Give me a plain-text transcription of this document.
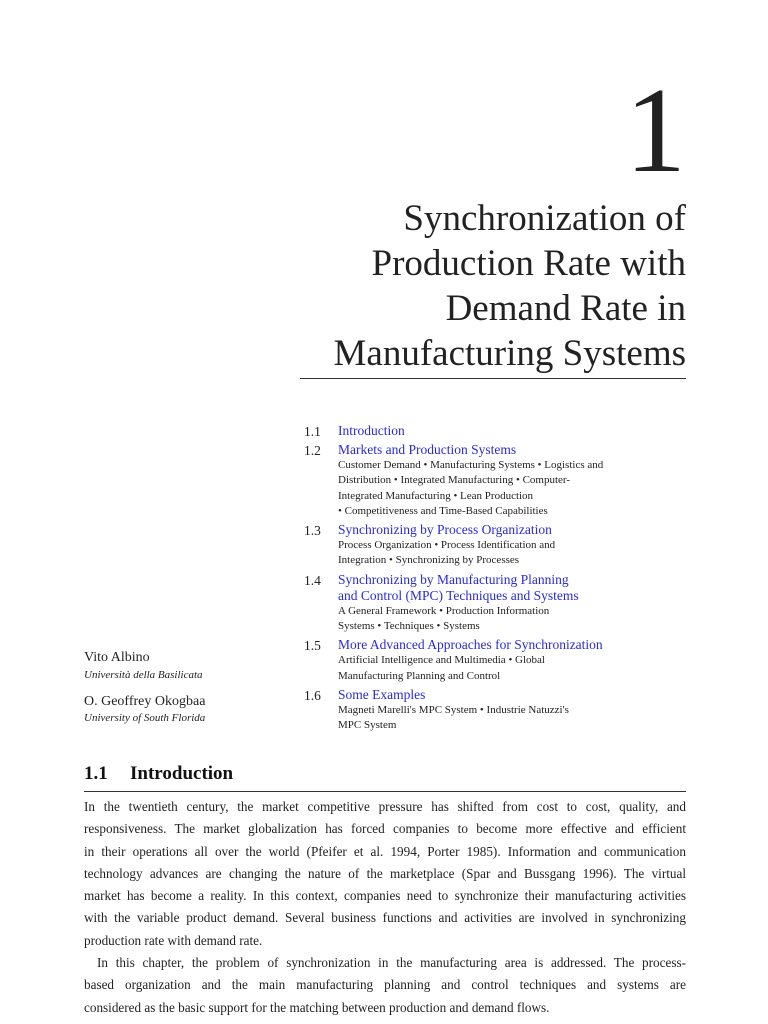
1
Synchronization of
Production Rate with
Demand Rate in
Manufacturing Systems
1.1 Introduction
1.2 Markets and Production Systems
Customer Demand • Manufacturing Systems • Logistics and
Distribution • Integrated Manufacturing • Computer-
Integrated Manufacturing • Lean Production
• Competitiveness and Time-Based Capabilities
1.3 Synchronizing by Process Organization
Process Organization • Process Identification and
Integration • Synchronizing by Processes
1.4 Synchronizing by Manufacturing Planning
and Control (MPC) Techniques and Systems
A General Framework • Production Information
Systems • Techniques • Systems
1.5 More Advanced Approaches for Synchronization
Artificial Intelligence and Multimedia • Global
Manufacturing Planning and Control
1.6 Some Examples
Magneti Marelli's MPC System • Industrie Natuzzi's
MPC System
Vito Albino
Università della Basilicata
O. Geoffrey Okogbaa
University of South Florida
1.1 Introduction
In the twentieth century, the market competitive pressure has shifted from cost to cost, quality, and
responsiveness. The market globalization has forced companies to become more effective and efficient
in their operations all over the world (Pfeifer et al. 1994, Porter 1985). Information and communication
technology advances are changing the nature of the marketplace (Spar and Bussgang 1996). The virtual
market has become a reality. In this context, companies need to synchronize their manufacturing activities
with the variable product demand. Several business functions and activities are involved in synchronizing
production rate with demand rate.
In this chapter, the problem of synchronization in the manufacturing area is addressed. The process-
based organization and the main manufacturing planning and control techniques and systems are
considered as the basic support for the matching between production and demand flows.
